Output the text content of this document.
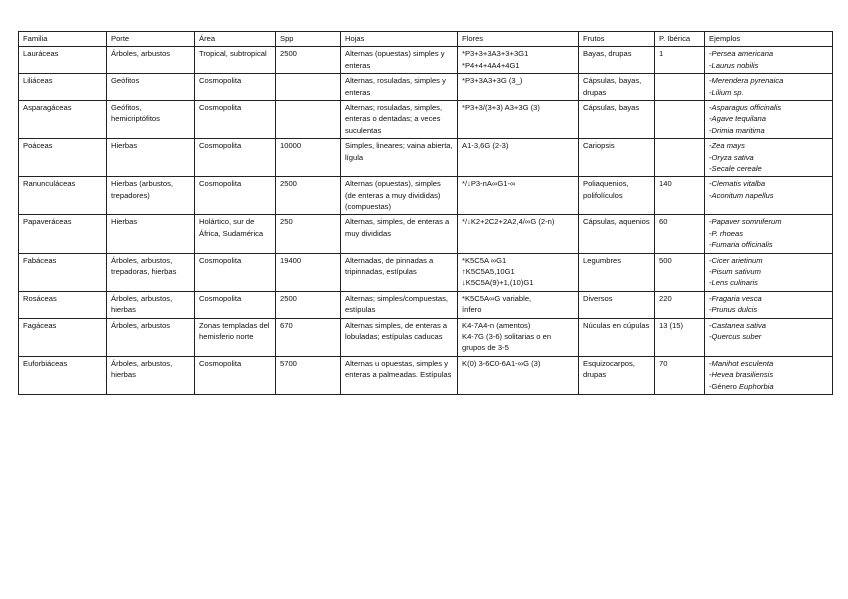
Familia	Porte	Área	Spp	Hojas	Flores	Frutos	P. Ibérica	Ejemplos

Lauráceas	Árboles, arbustos	Tropical, subtropical	2500	Alternas (opuestas) simples y enteras	*P3+3+3A3+3+3G1
*P4+4+4A4+4G1	Bayas, drupas	1	-Persea americana
-Laurus nobilis

Liliáceas	Geófitos	Cosmopolita		Alternas, rosuladas, simples y enteras	*P3+3A3+3G (3_)	Cápsulas, bayas, drupas		-Merendera pyrenaica
-Lilium sp.

Asparagáceas	Geófitos, hemicriptófitos	Cosmopolita		Alternas; rosuladas, simples, enteras o dentadas; a veces suculentas	*P3+3/(3+3) A3+3G (3)	Cápsulas, bayas		-Asparagus officinalis
-Agave tequilana
-Drimia maritima

Poáceas	Hierbas	Cosmopolita	10000	Simples, lineares; vaina abierta, lígula	A1-3,6G (2-3)	Cariopsis		-Zea mays
-Oryza sativa
-Secale cereale

Ranunculáceas	Hierbas (arbustos, trepadores)	Cosmopolita	2500	Alternas (opuestas), simples (de enteras a muy divididas) (compuestas)	*/↓P3-nA∞G1-∞	Poliaquenios, polifolículos	140	-Clematis vitalba
-Aconitum napellus

Papaveráceas	Hierbas	Holártico, sur de África, Sudamérica	250	Alternas, simples, de enteras a muy divididas	*/↓K2+2C2+2A2,4/∞G (2-n)	Cápsulas, aquenios	60	-Papaver somniferum
-P. rhoeas
-Fumaria officinalis

Fabáceas	Árboles, arbustos, trepadoras, hierbas	Cosmopolita	19400	Alternadas, de pinnadas a tripinnadas, estípulas	*K5C5A ∞G1
↑K5C5A5,10G1
↓K5C5A(9)+1,(10)G1	Legumbres	500	-Cicer arietinum
-Pisum sativum
-Lens culinaris

Rosáceas	Árboles, arbustos, hierbas	Cosmopolita	2500	Alternas; simples/compuestas, estípulas	*K5C5A∞G variable,
ínfero	Diversos	220	-Fragaria vesca
-Prunus dulcis

Fagáceas	Árboles, arbustos	Zonas templadas del hemisferio norte	670	Alternas simples, de enteras a lobuladas; estípulas caducas	K4-7A4-n (amentos)
K4-7G (3-6) solitarias o en
grupos de 3-5	Núculas en cúpulas	13 (15)	-Castanea sativa
-Quercus suber

Euforbiáceas	Árboles, arbustos, hierbas	Cosmopolita	5700	Alternas u opuestas, simples y enteras a palmeadas. Estípulas	K(0) 3-6C0-6A1-∞G (3)	Esquizocarpos, drupas	70	-Manihot esculenta
-Hevea brasiliensis
-Género Euphorbia
